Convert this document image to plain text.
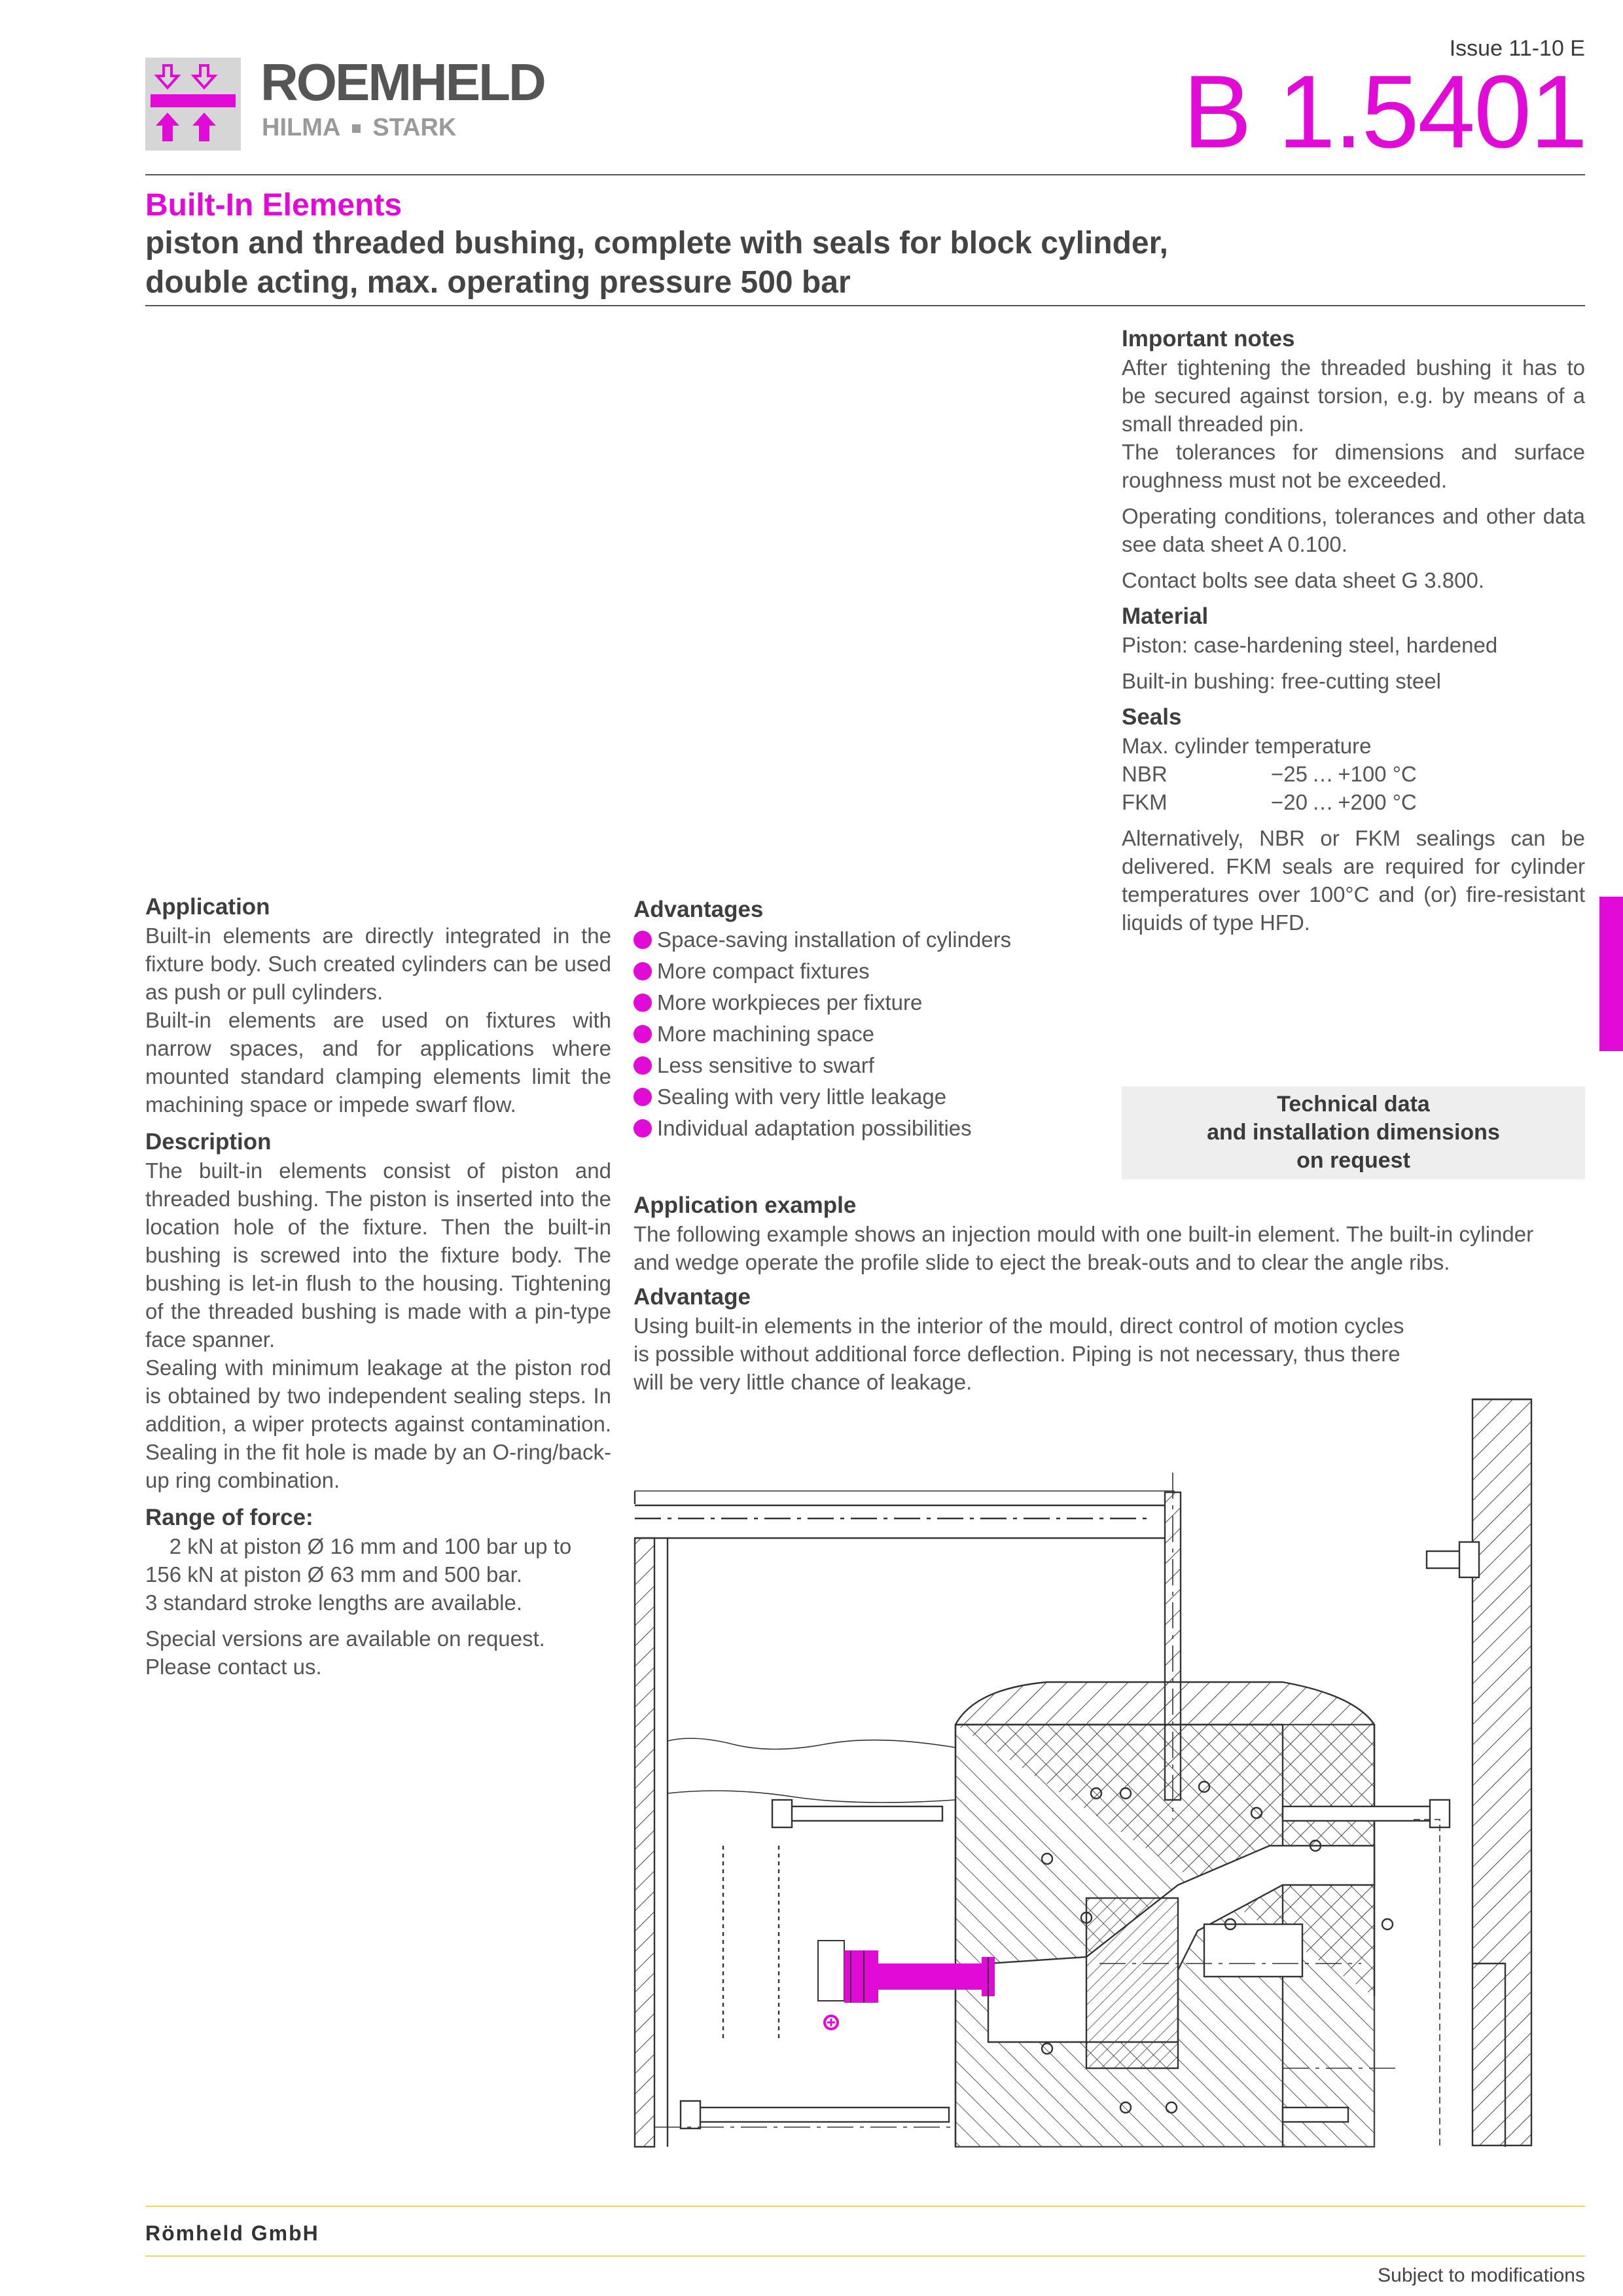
Issue 11-10 E
B 1.5401
ROEMHELD
HILMA STARK
Built-In Elements
piston and threaded bushing, complete with seals for block cylinder,
double acting, max. operating pressure 500 bar
Important notes
After tightening the threaded bushing it has to be secured against torsion, e.g. by means of a small threaded pin.
The tolerances for dimensions and surface roughness must not be exceeded.
Operating conditions, tolerances and other data see data sheet A 0.100.
Contact bolts see data sheet G 3.800.
Material
Piston: case-hardening steel, hardened
Built-in bushing: free-cutting steel
Seals
Max. cylinder temperature
NBR	−25 … +100 °C
FKM	−20 … +200 °C
Alternatively, NBR or FKM sealings can be delivered. FKM seals are required for cylinder temperatures over 100°C and (or) fire-resistant liquids of type HFD.
Technical data
and installation dimensions
on request
Application
Built-in elements are directly integrated in the fixture body. Such created cylinders can be used as push or pull cylinders.
Built-in elements are used on fixtures with narrow spaces, and for applications where mounted standard clamping elements limit the machining space or impede swarf flow.
Description
The built-in elements consist of piston and threaded bushing. The piston is inserted into the location hole of the fixture. Then the built-in bushing is screwed into the fixture body. The bushing is let-in flush to the housing. Tightening of the threaded bushing is made with a pin-type face spanner.
Sealing with minimum leakage at the piston rod is obtained by two independent sealing steps. In addition, a wiper protects against contamination. Sealing in the fit hole is made by an O-ring/back-up ring combination.
Range of force:
  2 kN at piston Ø 16 mm and 100 bar up to
156 kN at piston Ø 63 mm and 500 bar.
3 standard stroke lengths are available.
Special versions are available on request. Please contact us.
Advantages
Space-saving installation of cylinders
More compact fixtures
More workpieces per fixture
More machining space
Less sensitive to swarf
Sealing with very little leakage
Individual adaptation possibilities
Application example
The following example shows an injection mould with one built-in element. The built-in cylinder
and wedge operate the profile slide to eject the break-outs and to clear the angle ribs.
Advantage
Using built-in elements in the interior of the mould, direct control of motion cycles
is possible without additional force deflection. Piping is not necessary, thus there
will be very little chance of leakage.
Römheld GmbH
Subject to modifications
